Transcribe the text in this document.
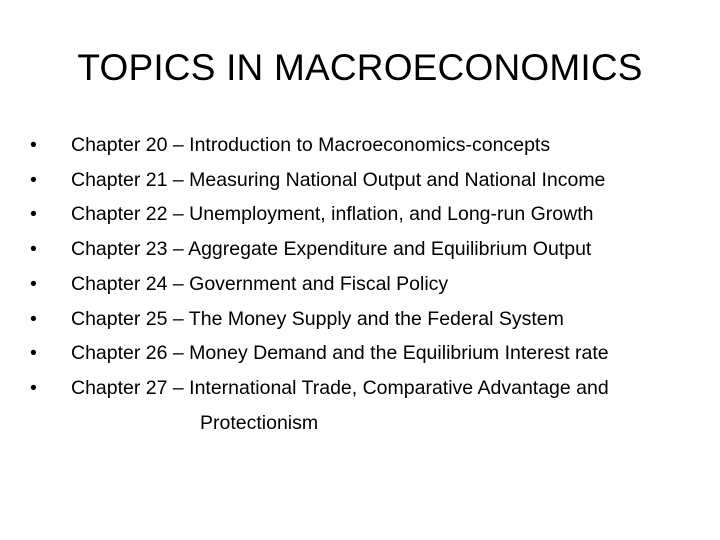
TOPICS IN MACROECONOMICS
•	Chapter 20 – Introduction to Macroeconomics-concepts
•	Chapter 21 – Measuring National Output and National Income
•	Chapter 22 – Unemployment, inflation, and Long-run Growth
•	Chapter 23 – Aggregate Expenditure and Equilibrium Output
•	Chapter 24 – Government and Fiscal Policy
•	Chapter 25 – The Money Supply and the Federal System
•	Chapter 26 – Money Demand and the Equilibrium Interest rate
•	Chapter 27 – International Trade, Comparative Advantage and
Protectionism
